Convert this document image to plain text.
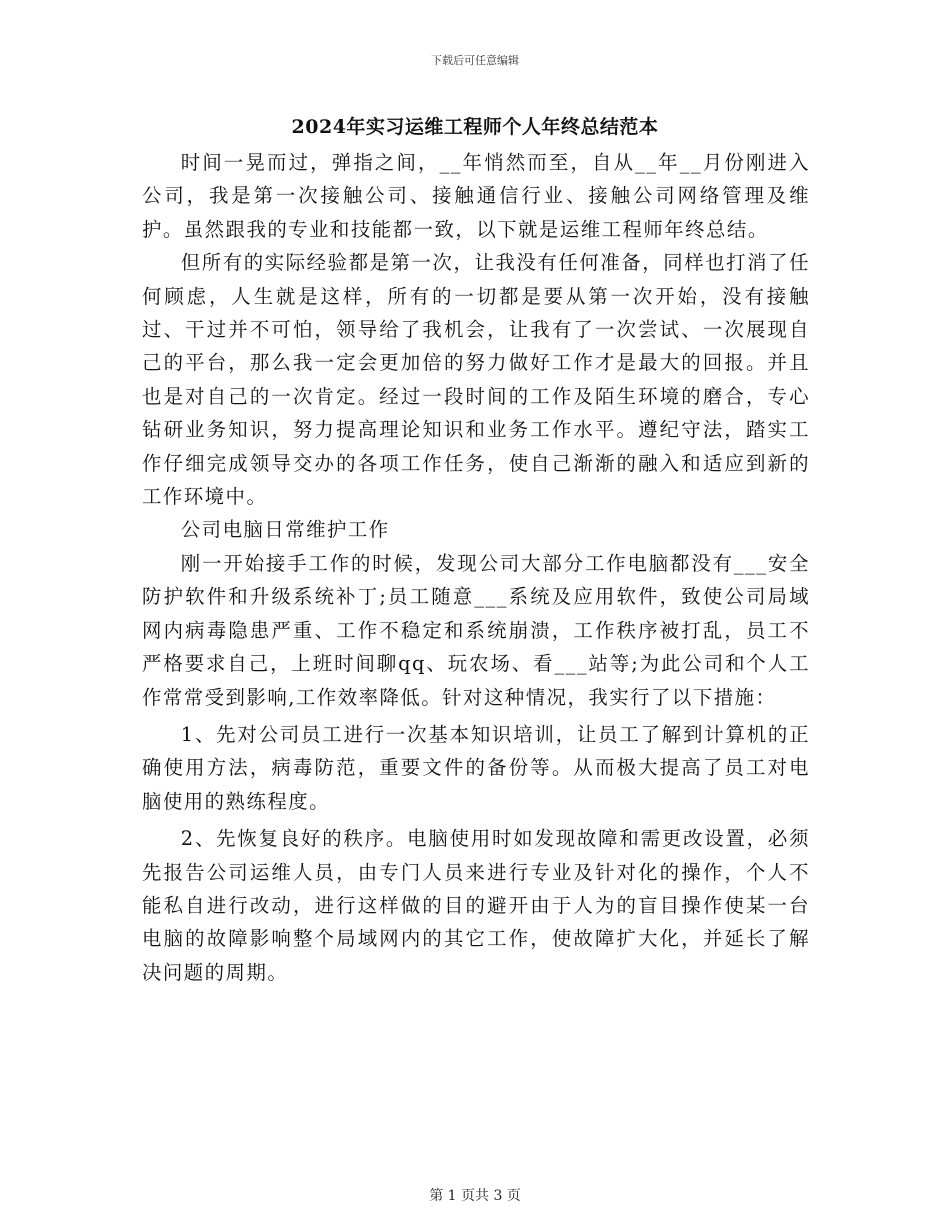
下载后可任意编辑
2024年实习运维工程师个人年终总结范本

时间一晃而过，弹指之间，__年悄然而至，自从__年__月份刚进入公司，我是第一次接触公司、接触通信行业、接触公司网络管理及维护。虽然跟我的专业和技能都一致，以下就是运维工程师年终总结。

但所有的实际经验都是第一次，让我没有任何准备，同样也打消了任何顾虑，人生就是这样，所有的一切都是要从第一次开始，没有接触过、干过并不可怕，领导给了我机会，让我有了一次尝试、一次展现自己的平台，那么我一定会更加倍的努力做好工作才是最大的回报。并且也是对自己的一次肯定。经过一段时间的工作及陌生环境的磨合，专心钻研业务知识，努力提高理论知识和业务工作水平。遵纪守法，踏实工作仔细完成领导交办的各项工作任务，使自己渐渐的融入和适应到新的工作环境中。

公司电脑日常维护工作

刚一开始接手工作的时候，发现公司大部分工作电脑都没有___安全防护软件和升级系统补丁;员工随意___系统及应用软件，致使公司局域网内病毒隐患严重、工作不稳定和系统崩溃，工作秩序被打乱，员工不严格要求自己，上班时间聊qq、玩农场、看___站等;为此公司和个人工作常常受到影响,工作效率降低。针对这种情况，我实行了以下措施：

1、先对公司员工进行一次基本知识培训，让员工了解到计算机的正确使用方法，病毒防范，重要文件的备份等。从而极大提高了员工对电脑使用的熟练程度。

2、先恢复良好的秩序。电脑使用时如发现故障和需更改设置，必须先报告公司运维人员，由专门人员来进行专业及针对化的操作，个人不能私自进行改动，进行这样做的目的避开由于人为的盲目操作使某一台电脑的故障影响整个局域网内的其它工作，使故障扩大化，并延长了解决问题的周期。

第 1 页共 3 页
